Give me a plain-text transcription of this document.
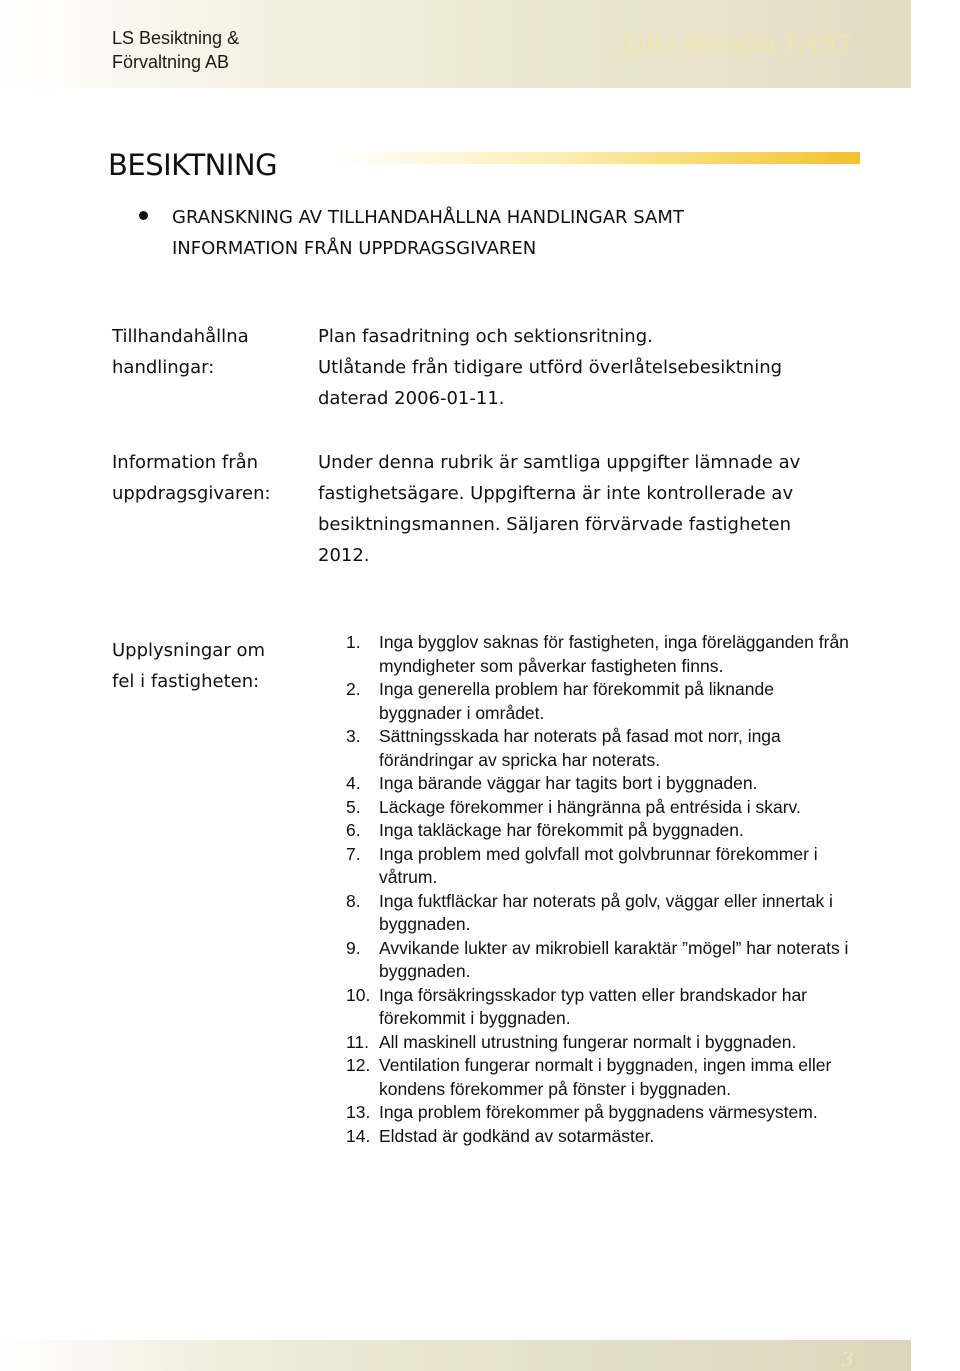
LS Besiktning &
Förvaltning AB
Lilla Slässbo 1:157
BESIKTNING
GRANSKNING AV TILLHANDAHÅLLNA HANDLINGAR SAMT
INFORMATION FRÅN UPPDRAGSGIVAREN
Tillhandahållna
handlingar:
Plan fasadritning och sektionsritning.
Utlåtande från tidigare utförd överlåtelsebesiktning
daterad 2006-01-11.
Information från
uppdragsgivaren:
Under denna rubrik är samtliga uppgifter lämnade av
fastighetsägare. Uppgifterna är inte kontrollerade av
besiktningsmannen. Säljaren förvärvade fastigheten
2012.
Upplysningar om
fel i fastigheten:
1. Inga bygglov saknas för fastigheten, inga förelägganden från myndigheter som påverkar fastigheten finns.
2. Inga generella problem har förekommit på liknande byggnader i området.
3. Sättningsskada har noterats på fasad mot norr, inga förändringar av spricka har noterats.
4. Inga bärande väggar har tagits bort i byggnaden.
5. Läckage förekommer i hängränna på entrésida i skarv.
6. Inga takläckage har förekommit på byggnaden.
7. Inga problem med golvfall mot golvbrunnar förekommer i våtrum.
8. Inga fuktfläckar har noterats på golv, väggar eller innertak i byggnaden.
9. Avvikande lukter av mikrobiell karaktär ”mögel” har noterats i byggnaden.
10. Inga försäkringsskador typ vatten eller brandskador har förekommit i byggnaden.
11. All maskinell utrustning fungerar normalt i byggnaden.
12. Ventilation fungerar normalt i byggnaden, ingen imma eller kondens förekommer på fönster i byggnaden.
13. Inga problem förekommer på byggnadens värmesystem.
14. Eldstad är godkänd av sotarmäster.
3
